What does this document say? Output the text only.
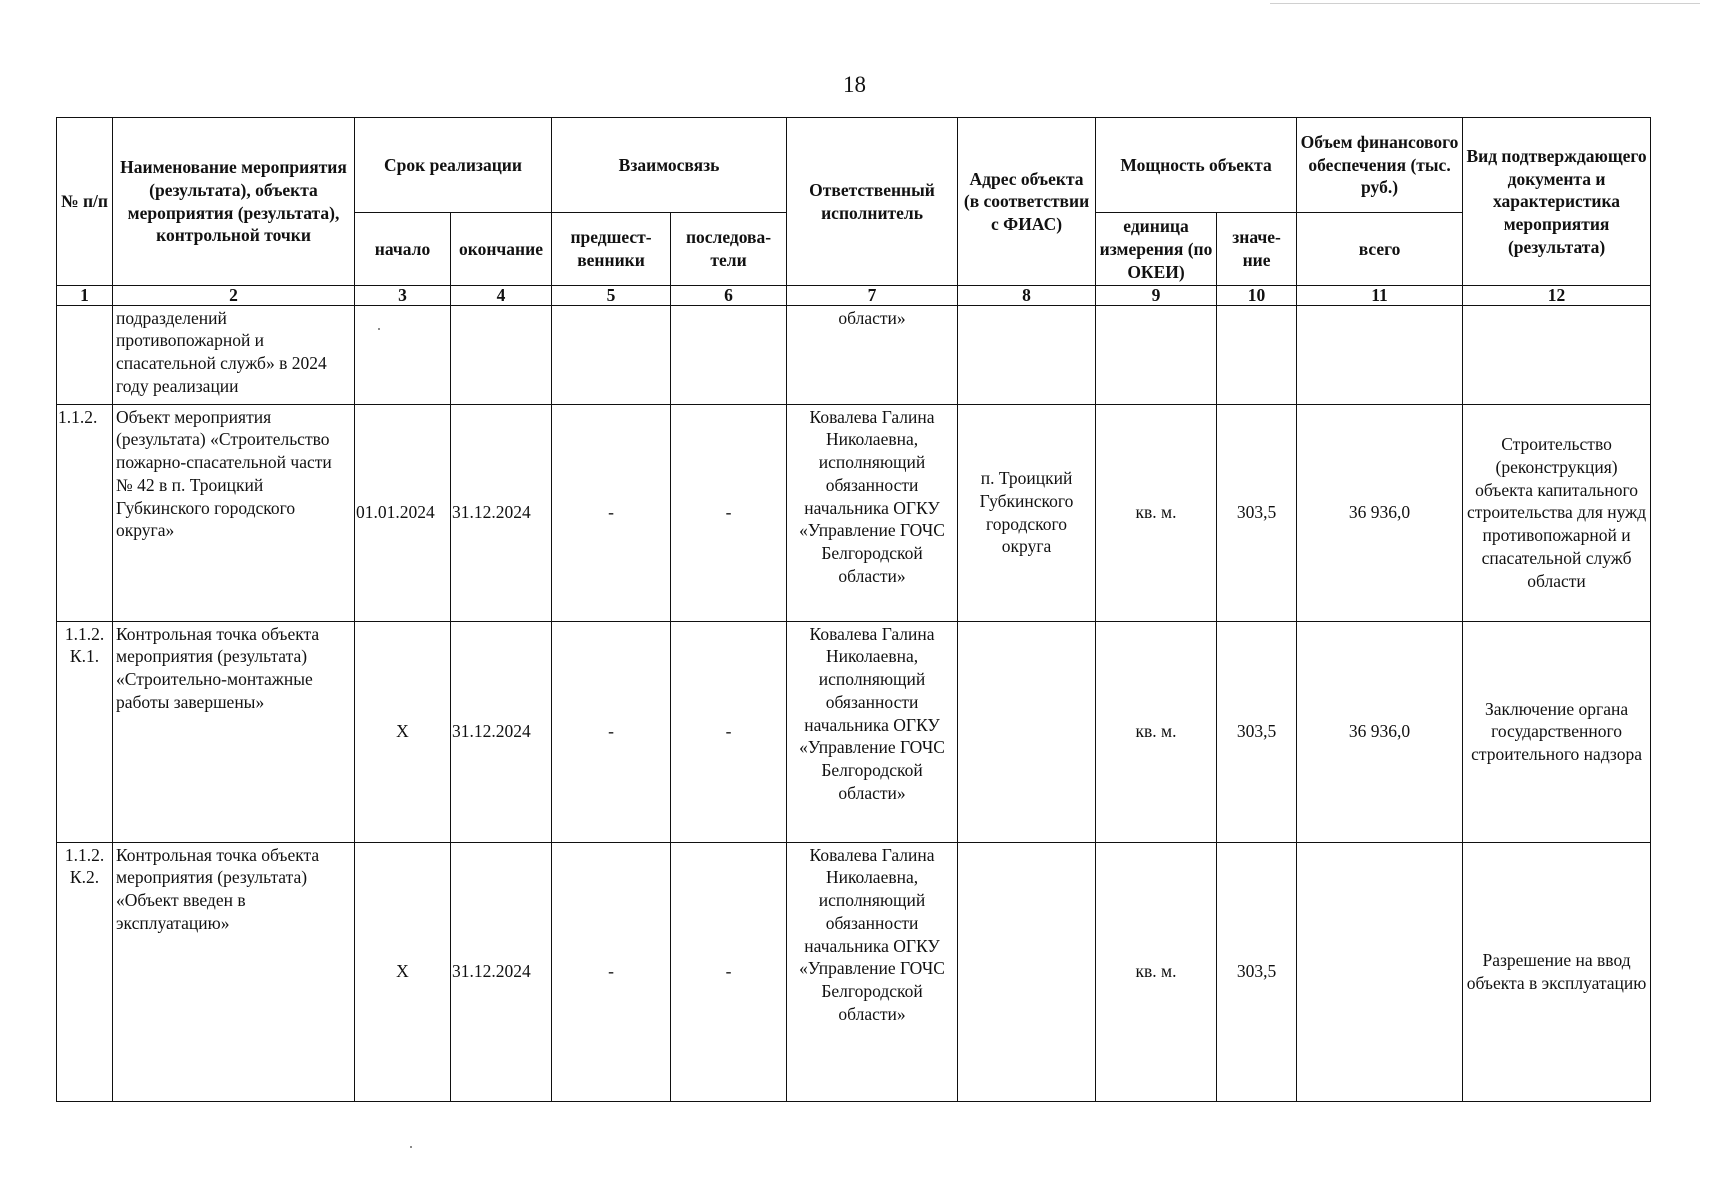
18
№ п/п	Наименование мероприятия (результата), объекта мероприятия (результата), контрольной точки	Срок реализации		Взаимосвязь		Ответственный исполнитель	Адрес объекта (в соответствии с ФИАС)	Мощность объекта		Объем финансового обеспечения (тыс. руб.)	Вид подтверждающего документа и характеристика мероприятия (результата)
		начало	окончание	предшест-венники	последова-тели			единица измерения (по ОКЕИ)	значе-ние	всего	
1	2	3	4	5	6	7	8	9	10	11	12
	подразделений противопожарной и спасательной служб» в 2024 году реализации					области»					
1.1.2.	Объект мероприятия (результата) «Строительство пожарно-спасательной части № 42 в п. Троицкий Губкинского городского округа»	01.01.2024	31.12.2024	-	-	Ковалева Галина Николаевна, исполняющий обязанности начальника ОГКУ «Управление ГОЧС Белгородской области»	п. Троицкий Губкинского городского округа	кв. м.	303,5	36 936,0	Строительство (реконструкция) объекта капитального строительства для нужд противопожарной и спасательной служб области
1.1.2. К.1.	Контрольная точка объекта мероприятия (результата) «Строительно-монтажные работы завершены»	X	31.12.2024	-	-	Ковалева Галина Николаевна, исполняющий обязанности начальника ОГКУ «Управление ГОЧС Белгородской области»		кв. м.	303,5	36 936,0	Заключение органа государственного строительного надзора
1.1.2. К.2.	Контрольная точка объекта мероприятия (результата) «Объект введен в эксплуатацию»	X	31.12.2024	-	-	Ковалева Галина Николаевна, исполняющий обязанности начальника ОГКУ «Управление ГОЧС Белгородской области»		кв. м.	303,5		Разрешение на ввод объекта в эксплуатацию
